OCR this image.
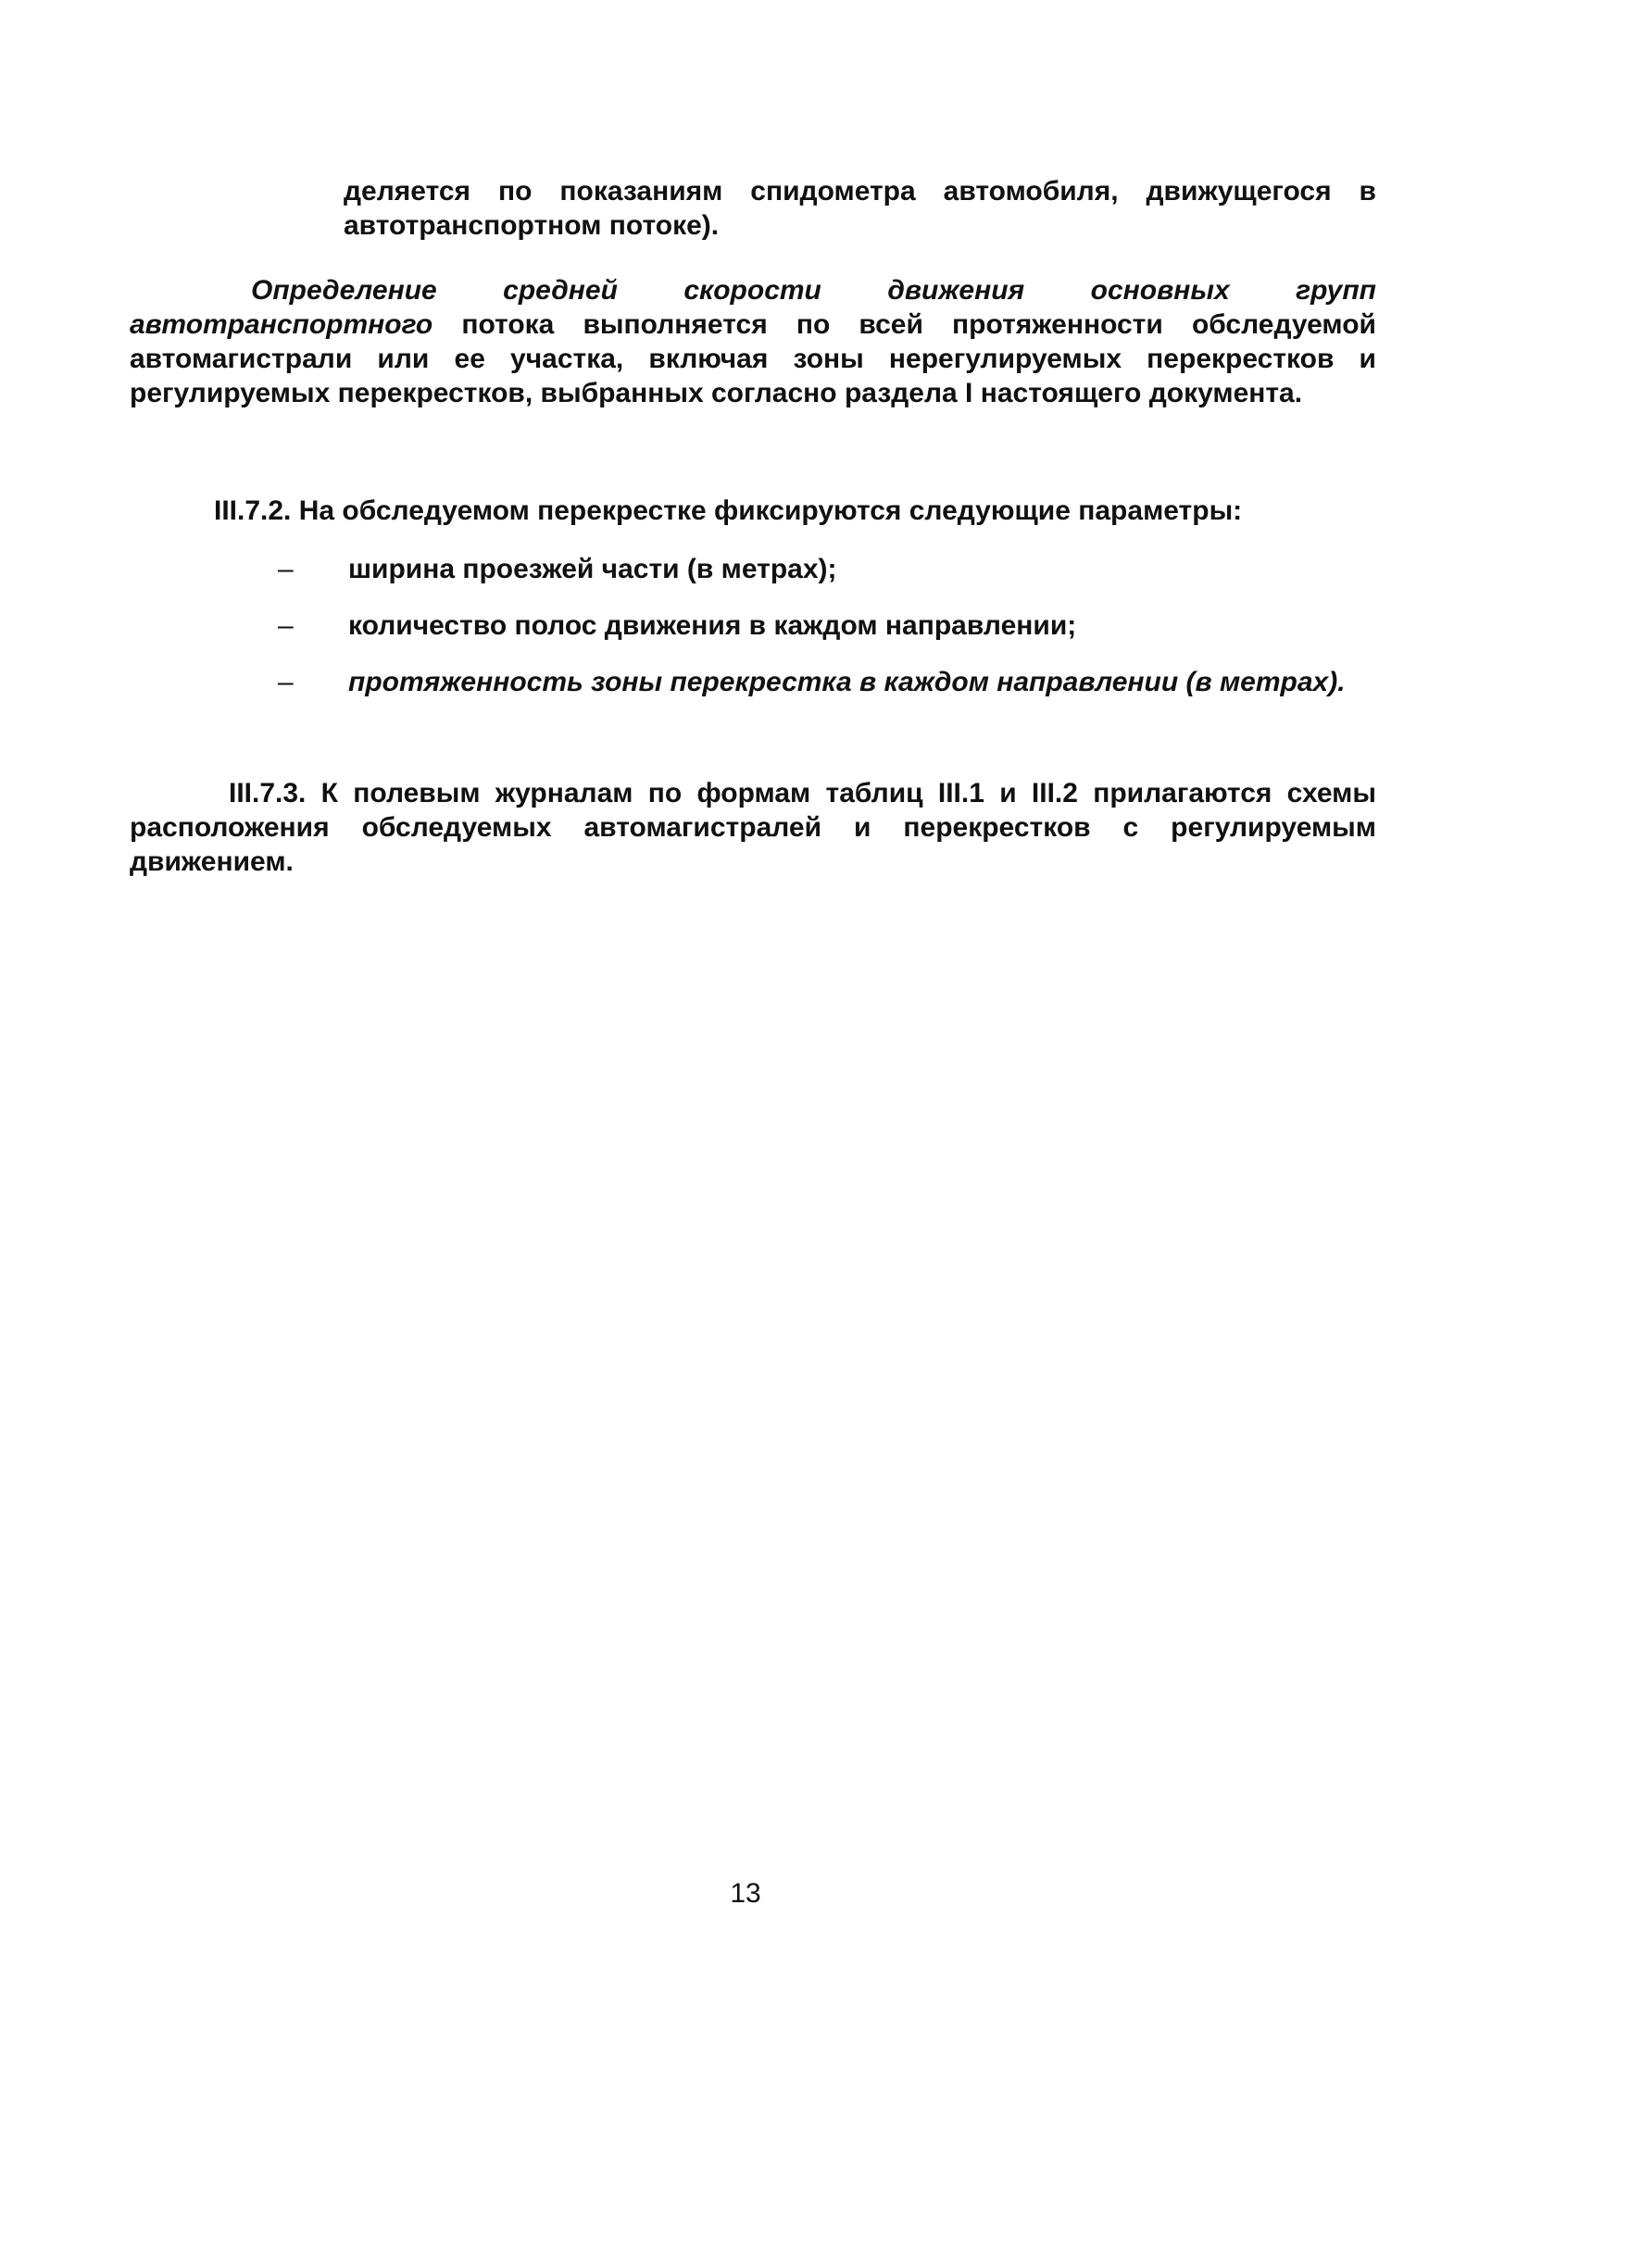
деляется по показаниям спидометра автомобиля, движущегося в автотранспортном потоке).
Определение средней скорости движения основных групп автотранспортного потока выполняется по всей протяженности обследуемой автомагистрали или ее участка, включая зоны нерегулируемых перекрестков и регулируемых перекрестков, выбранных согласно раздела I настоящего документа.
III.7.2. На обследуемом перекрестке фиксируются следующие параметры:
–	ширина проезжей части (в метрах);
–	количество полос движения в каждом направлении;
–	протяженность зоны перекрестка в каждом направлении (в метрах).
III.7.3. К полевым журналам по формам таблиц III.1 и III.2 прилагаются схемы расположения обследуемых автомагистралей и перекрестков с регулируемым движением.
13
